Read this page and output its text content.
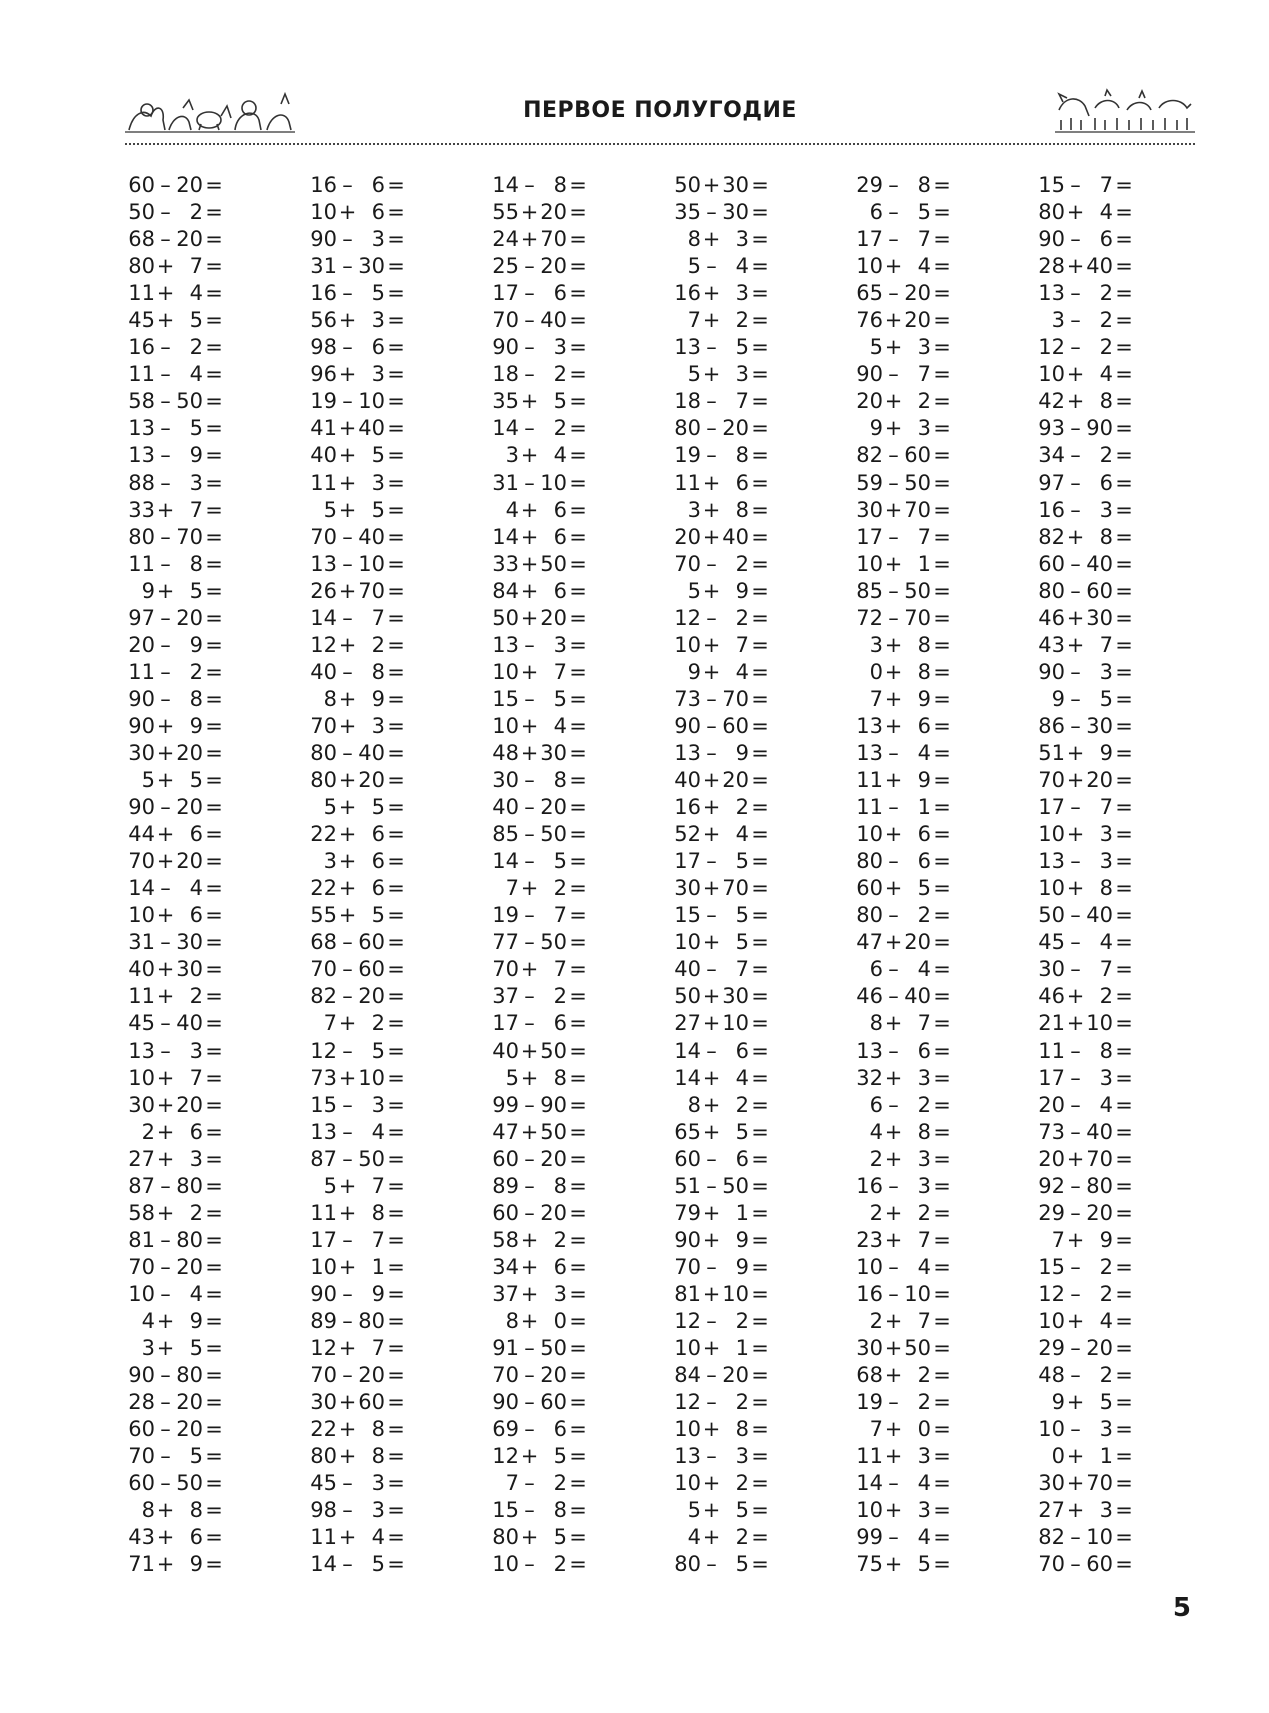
ПЕРВОЕ ПОЛУГОДИЕ
60 – 20 =
50 – 2 =
68 – 20 =
80 + 7 =
11 + 4 =
45 + 5 =
16 – 2 =
11 – 4 =
58 – 50 =
13 – 5 =
13 – 9 =
88 – 3 =
33 + 7 =
80 – 70 =
11 – 8 =
9 + 5 =
97 – 20 =
20 – 9 =
11 – 2 =
90 – 8 =
90 + 9 =
30 + 20 =
5 + 5 =
90 – 20 =
44 + 6 =
70 + 20 =
14 – 4 =
10 + 6 =
31 – 30 =
40 + 30 =
11 + 2 =
45 – 40 =
13 – 3 =
10 + 7 =
30 + 20 =
2 + 6 =
27 + 3 =
87 – 80 =
58 + 2 =
81 – 80 =
70 – 20 =
10 – 4 =
4 + 9 =
3 + 5 =
90 – 80 =
28 – 20 =
60 – 20 =
70 – 5 =
60 – 50 =
8 + 8 =
43 + 6 =
71 + 9 =
16 – 6 =
10 + 6 =
90 – 3 =
31 – 30 =
16 – 5 =
56 + 3 =
98 – 6 =
96 + 3 =
19 – 10 =
41 + 40 =
40 + 5 =
11 + 3 =
5 + 5 =
70 – 40 =
13 – 10 =
26 + 70 =
14 – 7 =
12 + 2 =
40 – 8 =
8 + 9 =
70 + 3 =
80 – 40 =
80 + 20 =
5 + 5 =
22 + 6 =
3 + 6 =
22 + 6 =
55 + 5 =
68 – 60 =
70 – 60 =
82 – 20 =
7 + 2 =
12 – 5 =
73 + 10 =
15 – 3 =
13 – 4 =
87 – 50 =
5 + 7 =
11 + 8 =
17 – 7 =
10 + 1 =
90 – 9 =
89 – 80 =
12 + 7 =
70 – 20 =
30 + 60 =
22 + 8 =
80 + 8 =
45 – 3 =
98 – 3 =
11 + 4 =
14 – 5 =
14 – 8 =
55 + 20 =
24 + 70 =
25 – 20 =
17 – 6 =
70 – 40 =
90 – 3 =
18 – 2 =
35 + 5 =
14 – 2 =
3 + 4 =
31 – 10 =
4 + 6 =
14 + 6 =
33 + 50 =
84 + 6 =
50 + 20 =
13 – 3 =
10 + 7 =
15 – 5 =
10 + 4 =
48 + 30 =
30 – 8 =
40 – 20 =
85 – 50 =
14 – 5 =
7 + 2 =
19 – 7 =
77 – 50 =
70 + 7 =
37 – 2 =
17 – 6 =
40 + 50 =
5 + 8 =
99 – 90 =
47 + 50 =
60 – 20 =
89 – 8 =
60 – 20 =
58 + 2 =
34 + 6 =
37 + 3 =
8 + 0 =
91 – 50 =
70 – 20 =
90 – 60 =
69 – 6 =
12 + 5 =
7 – 2 =
15 – 8 =
80 + 5 =
10 – 2 =
50 + 30 =
35 – 30 =
8 + 3 =
5 – 4 =
16 + 3 =
7 + 2 =
13 – 5 =
5 + 3 =
18 – 7 =
80 – 20 =
19 – 8 =
11 + 6 =
3 + 8 =
20 + 40 =
70 – 2 =
5 + 9 =
12 – 2 =
10 + 7 =
9 + 4 =
73 – 70 =
90 – 60 =
13 – 9 =
40 + 20 =
16 + 2 =
52 + 4 =
17 – 5 =
30 + 70 =
15 – 5 =
10 + 5 =
40 – 7 =
50 + 30 =
27 + 10 =
14 – 6 =
14 + 4 =
8 + 2 =
65 + 5 =
60 – 6 =
51 – 50 =
79 + 1 =
90 + 9 =
70 – 9 =
81 + 10 =
12 – 2 =
10 + 1 =
84 – 20 =
12 – 2 =
10 + 8 =
13 – 3 =
10 + 2 =
5 + 5 =
4 + 2 =
80 – 5 =
29 – 8 =
6 – 5 =
17 – 7 =
10 + 4 =
65 – 20 =
76 + 20 =
5 + 3 =
90 – 7 =
20 + 2 =
9 + 3 =
82 – 60 =
59 – 50 =
30 + 70 =
17 – 7 =
10 + 1 =
85 – 50 =
72 – 70 =
3 + 8 =
0 + 8 =
7 + 9 =
13 + 6 =
13 – 4 =
11 + 9 =
11 – 1 =
10 + 6 =
80 – 6 =
60 + 5 =
80 – 2 =
47 + 20 =
6 – 4 =
46 – 40 =
8 + 7 =
13 – 6 =
32 + 3 =
6 – 2 =
4 + 8 =
2 + 3 =
16 – 3 =
2 + 2 =
23 + 7 =
10 – 4 =
16 – 10 =
2 + 7 =
30 + 50 =
68 + 2 =
19 – 2 =
7 + 0 =
11 + 3 =
14 – 4 =
10 + 3 =
99 – 4 =
75 + 5 =
15 – 7 =
80 + 4 =
90 – 6 =
28 + 40 =
13 – 2 =
3 – 2 =
12 – 2 =
10 + 4 =
42 + 8 =
93 – 90 =
34 – 2 =
97 – 6 =
16 – 3 =
82 + 8 =
60 – 40 =
80 – 60 =
46 + 30 =
43 + 7 =
90 – 3 =
9 – 5 =
86 – 30 =
51 + 9 =
70 + 20 =
17 – 7 =
10 + 3 =
13 – 3 =
10 + 8 =
50 – 40 =
45 – 4 =
30 – 7 =
46 + 2 =
21 + 10 =
11 – 8 =
17 – 3 =
20 – 4 =
73 – 40 =
20 + 70 =
92 – 80 =
29 – 20 =
7 + 9 =
15 – 2 =
12 – 2 =
10 + 4 =
29 – 20 =
48 – 2 =
9 + 5 =
10 – 3 =
0 + 1 =
30 + 70 =
27 + 3 =
82 – 10 =
70 – 60 =
5
